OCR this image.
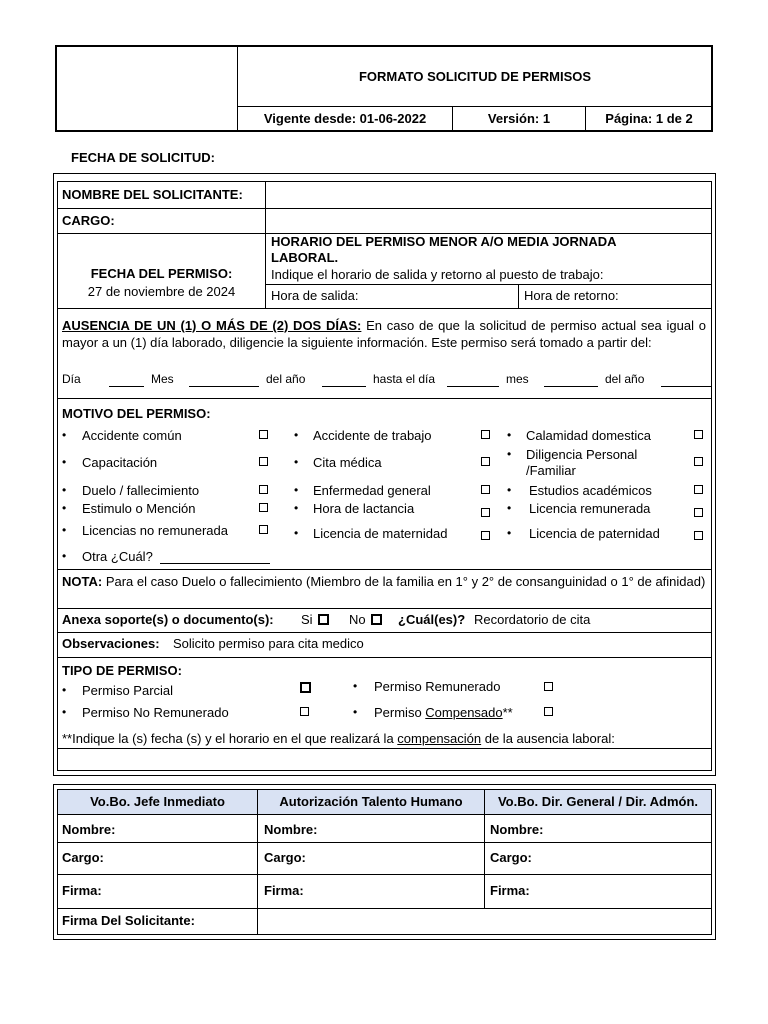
FORMATO SOLICITUD DE PERMISOS
Vigente desde: 01-06-2022	Versión: 1	Página: 1 de 2
FECHA DE SOLICITUD:
NOMBRE DEL SOLICITANTE:
CARGO:
FECHA DEL PERMISO:
27 de noviembre de 2024
HORARIO DEL PERMISO MENOR A/O MEDIA JORNADA LABORAL.
Indique el horario de salida y retorno al puesto de trabajo:
Hora de salida:	Hora de retorno:
AUSENCIA DE UN (1) O MÁS DE (2) DOS DÍAS: En caso de que la solicitud de permiso actual sea igual o mayor a un (1) día laborado, diligencie la siguiente información. Este permiso será tomado a partir del:
Día	Mes	del año	hasta el día	mes	del año
MOTIVO DEL PERMISO:
• Accidente común
• Capacitación
• Duelo / fallecimiento
• Estimulo o Mención
• Licencias no remunerada
• Otra ¿Cuál?
• Accidente de trabajo
• Cita médica
• Enfermedad general
• Hora de lactancia
• Licencia de maternidad
• Calamidad domestica
• Diligencia Personal /Familiar
• Estudios académicos
• Licencia remunerada
• Licencia de paternidad
NOTA: Para el caso Duelo o fallecimiento (Miembro de la familia en 1° y 2° de consanguinidad o 1° de afinidad)
Anexa soporte(s) o documento(s): Si	No ¿Cuál(es)? Recordatorio de cita
Observaciones: Solicito permiso para cita medico
TIPO DE PERMISO:
• Permiso Parcial
• Permiso No Remunerado
• Permiso Remunerado
• Permiso Compensado**
**Indique la (s) fecha (s) y el horario en el que realizará la compensación de la ausencia laboral:
Vo.Bo. Jefe Inmediato	Autorización Talento Humano	Vo.Bo. Dir. General / Dir. Admón.
Nombre:	Nombre:	Nombre:
Cargo:	Cargo:	Cargo:
Firma:	Firma:	Firma:
Firma Del Solicitante:
